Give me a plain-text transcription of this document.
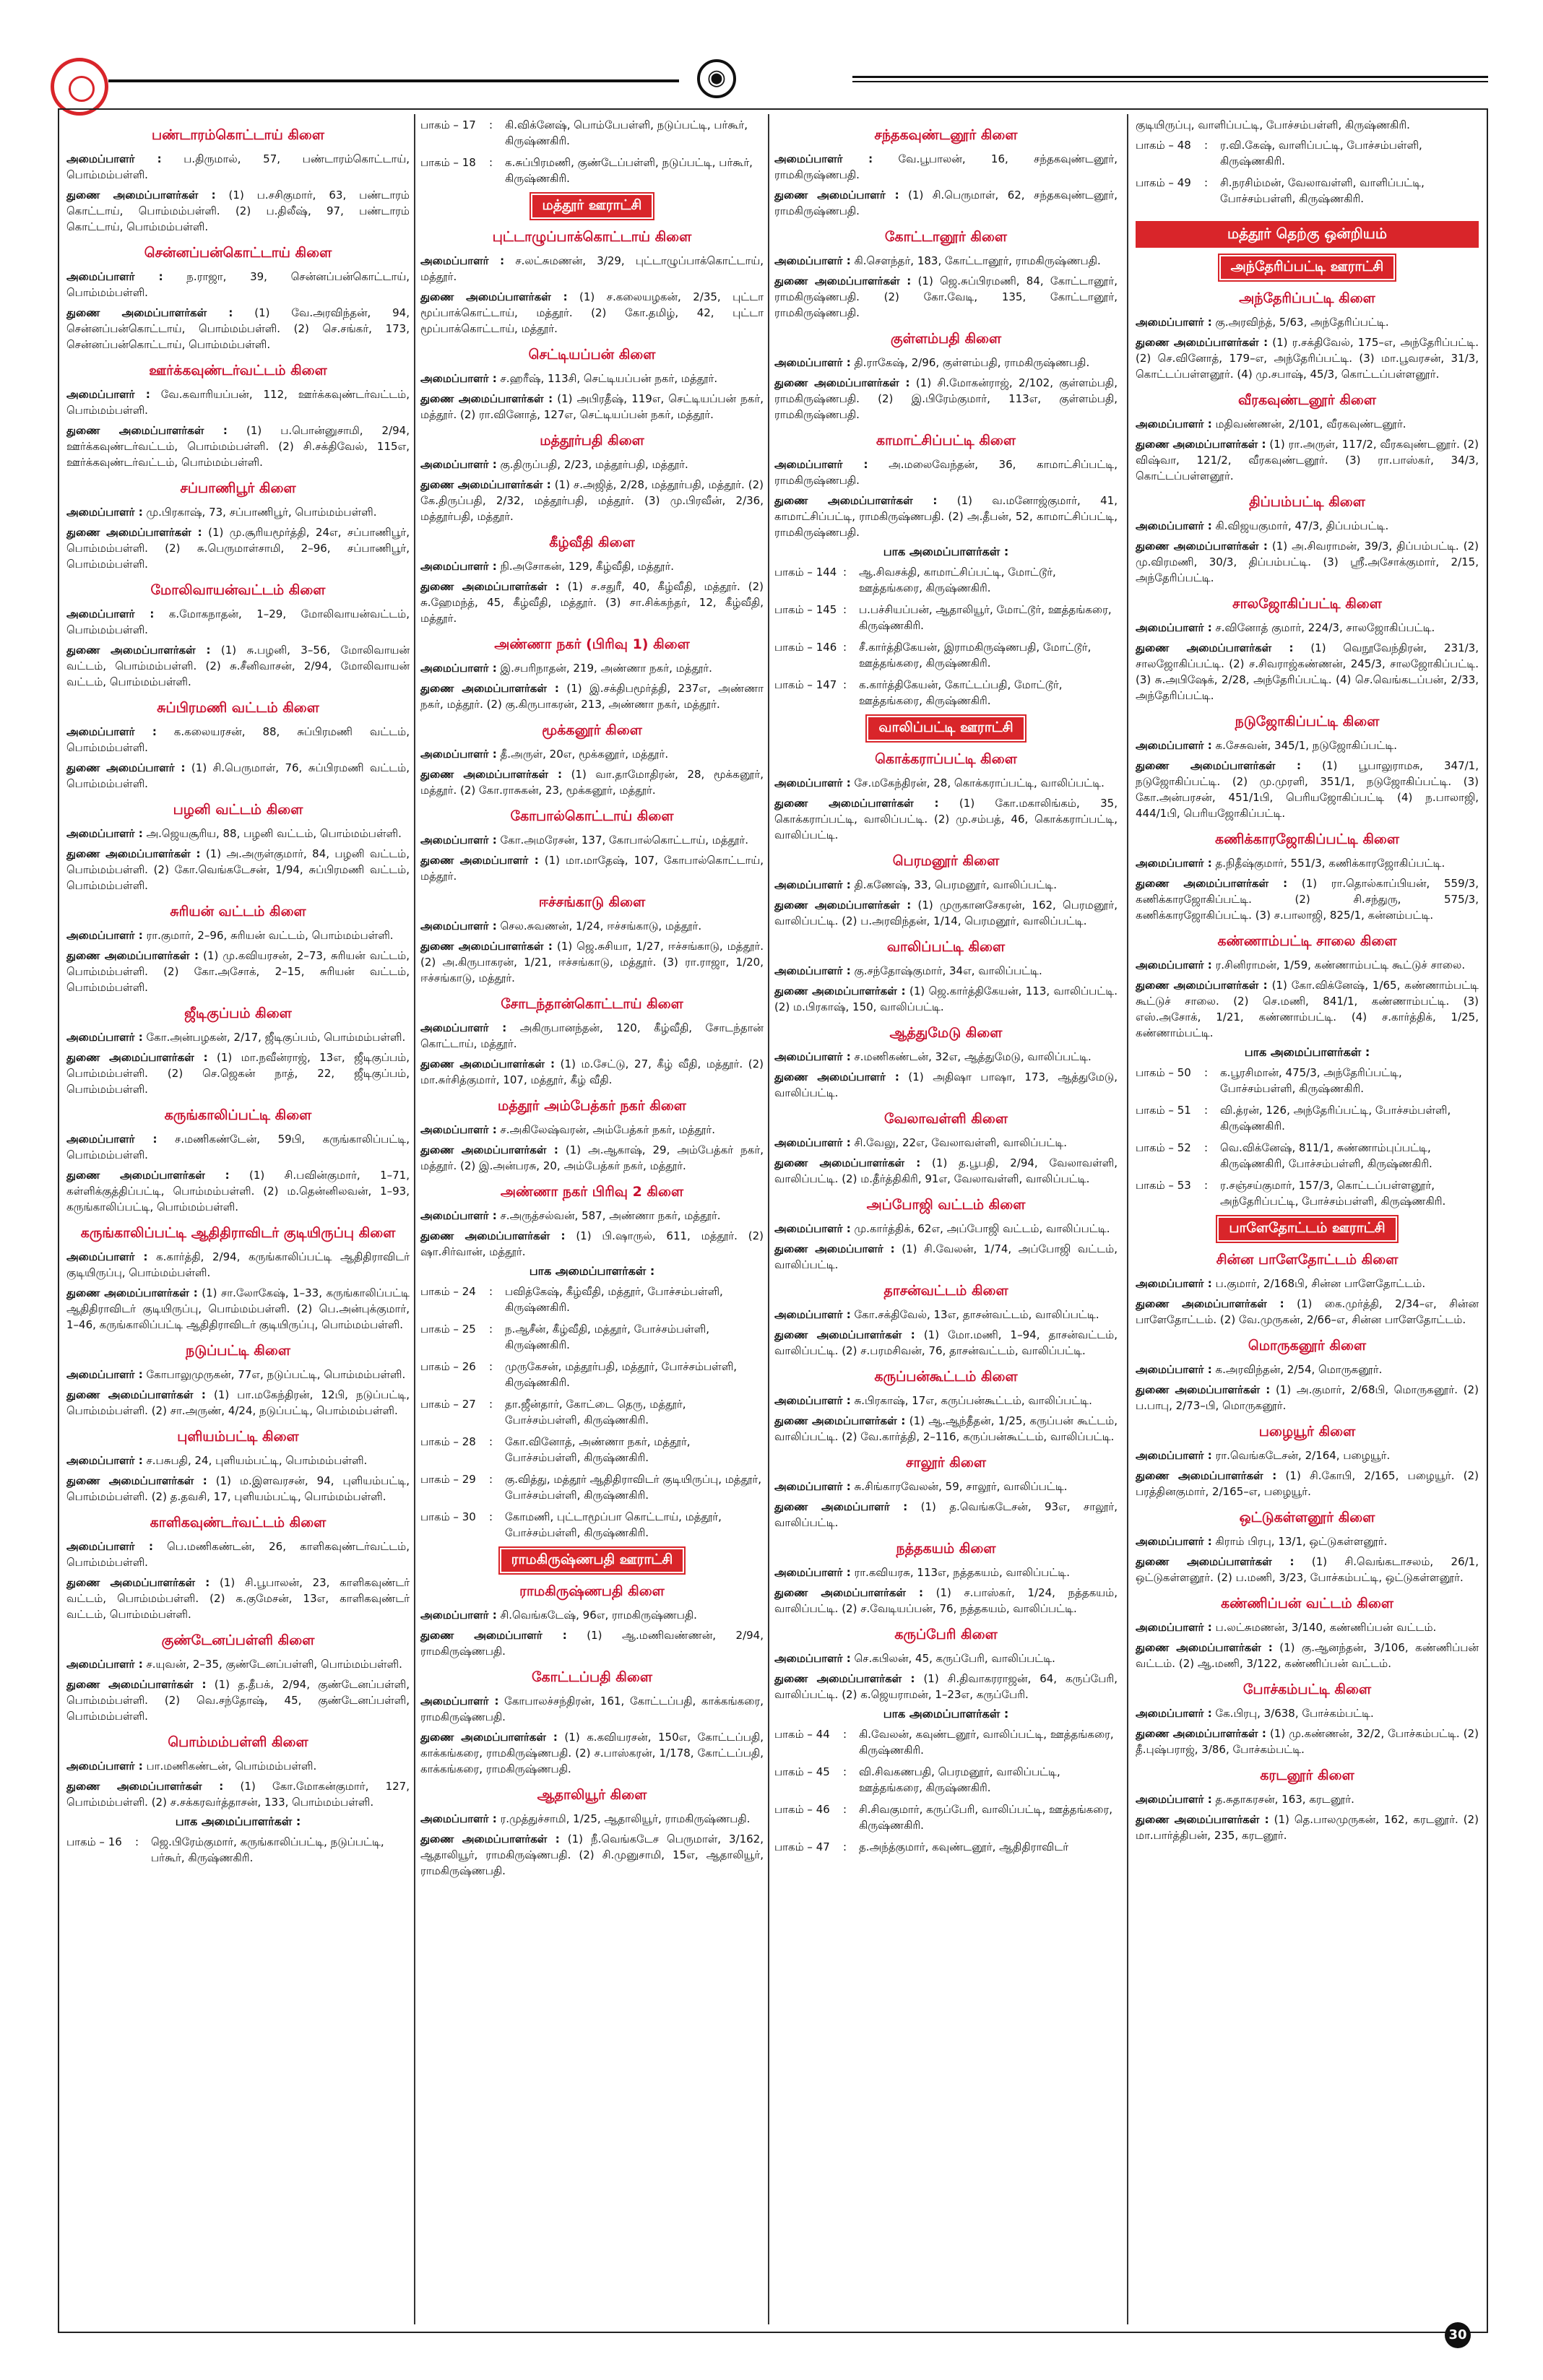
◉
பண்டாரம்கொட்டாய் கிளை

அமைப்பாளர் : ப.திருமால், 57, பண்டாரம்கொட்டாய், பொம்மம்பள்ளி.

துணை அமைப்பாளர்கள் : (1) ப.சசிகுமார், 63, பண்டாரம் கொட்டாய், பொம்மம்பள்ளி. (2) ப.திலீஷ், 97, பண்டாரம் கொட்டாய், பொம்மம்பள்ளி.

சென்னப்பன்கொட்டாய் கிளை

அமைப்பாளர் : ந.ராஜா, 39, சென்னப்பன்கொட்டாய், பொம்மம்பள்ளி.

துணை அமைப்பாளர்கள் : (1) வே.அரவிந்தன், 94, சென்னப்பன்கொட்டாய், பொம்மம்பள்ளி. (2) செ.சங்கர், 173, சென்னப்பன்கொட்டாய், பொம்மம்பள்ளி.

ஊர்க்கவுண்டர்வட்டம் கிளை

அமைப்பாளர் : வே.கவாரியப்பன், 112, ஊர்க்கவுண்டர்வட்டம், பொம்மம்பள்ளி.

துணை அமைப்பாளர்கள் : (1) ப.பொன்னுசாமி, 2/94, ஊர்க்கவுண்டர்வட்டம், பொம்மம்பள்ளி. (2) சி.சக்திவேல், 115எ, ஊர்க்கவுண்டர்வட்டம், பொம்மம்பள்ளி.

சப்பாணிபூர் கிளை

அமைப்பாளர் : மு.பிரகாஷ், 73, சப்பாணிபூர், பொம்மம்பள்ளி.

துணை அமைப்பாளர்கள் : (1) மு.சூரியமூர்த்தி, 24எ, சப்பாணிபூர், பொம்மம்பள்ளி. (2) சு.பெருமாள்சாமி, 2–96, சப்பாணிபூர், பொம்மம்பள்ளி.

மோலிவாயன்வட்டம் கிளை

அமைப்பாளர் : க.மோகநாதன், 1–29, மோலிவாயன்வட்டம், பொம்மம்பள்ளி.

துணை அமைப்பாளர்கள் : (1) சு.பழனி, 3–56, மோலிவாயன் வட்டம், பொம்மம்பள்ளி. (2) சு.சீனிவாசன், 2/94, மோலிவாயன் வட்டம், பொம்மம்பள்ளி.

சுப்பிரமணி வட்டம் கிளை

அமைப்பாளர் : க.கலையரசன், 88, சுப்பிரமணி வட்டம், பொம்மம்பள்ளி.

துணை அமைப்பாளர் : (1) சி.பெருமாள், 76, சுப்பிரமணி வட்டம், பொம்மம்பள்ளி.

பழனி வட்டம் கிளை

அமைப்பாளர் : அ.ஜெயசூரிய, 88, பழனி வட்டம், பொம்மம்பள்ளி.

துணை அமைப்பாளர்கள் : (1) அ.அருள்குமார், 84, பழனி வட்டம், பொம்மம்பள்ளி. (2) கோ.வெங்கடேசன், 1/94, சுப்பிரமணி வட்டம், பொம்மம்பள்ளி.

சுரியன் வட்டம் கிளை

அமைப்பாளர் : ரா.குமார், 2–96, சுரியன் வட்டம், பொம்மம்பள்ளி.

துணை அமைப்பாளர்கள் : (1) மு.கவியரசன், 2–73, சுரியன் வட்டம், பொம்மம்பள்ளி. (2) கோ.அசோக், 2–15, சுரியன் வட்டம், பொம்மம்பள்ளி.

ஜீடிகுப்பம் கிளை

அமைப்பாளர் : கோ.அன்பழகன், 2/17, ஜீடிகுப்பம், பொம்மம்பள்ளி.

துணை அமைப்பாளர்கள் : (1) மா.நவீன்ராஜ், 13எ, ஜீடிகுப்பம், பொம்மம்பள்ளி. (2) செ.ஜெகன் நாத், 22, ஜீடிகுப்பம், பொம்மம்பள்ளி.

கருங்காலிப்பட்டி கிளை

அமைப்பாளர் : ச.மணிகண்டேன், 59பி, கருங்காலிப்பட்டி, பொம்மம்பள்ளி.

துணை அமைப்பாளர்கள் : (1) சி.பவின்குமார், 1–71, கள்ளிக்குத்திப்பட்டி, பொம்மம்பள்ளி. (2) ம.தென்னிலவன், 1–93, கருங்காலிப்பட்டி, பொம்மம்பள்ளி.

கருங்காலிப்பட்டி ஆதிதிராவிடர் குடியிருப்பு கிளை

அமைப்பாளர் : க.கார்த்தி, 2/94, கருங்காலிப்பட்டி ஆதிதிராவிடர் குடியிருப்பு, பொம்மம்பள்ளி.

துணை அமைப்பாளர்கள் : (1) சா.லோகேஷ், 1–33, கருங்காலிப்பட்டி ஆதிதிராவிடர் குடியிருப்பு, பொம்மம்பள்ளி. (2) பெ.அன்புக்குமார், 1–46, கருங்காலிப்பட்டி ஆதிதிராவிடர் குடியிருப்பு, பொம்மம்பள்ளி.

நடுப்பட்டி கிளை

அமைப்பாளர் : கோபாலுமுருகன், 77எ, நடுப்பட்டி, பொம்மம்பள்ளி.

துணை அமைப்பாளர்கள் : (1) பா.மகேந்திரன், 12பி, நடுப்பட்டி, பொம்மம்பள்ளி. (2) சா.அருண், 4/24, நடுப்பட்டி, பொம்மம்பள்ளி.

புளியம்பட்டி கிளை

அமைப்பாளர் : ச.பசுபதி, 24, புளியம்பட்டி, பொம்மம்பள்ளி.

துணை அமைப்பாளர்கள் : (1) ம.இளவரசன், 94, புளியம்பட்டி, பொம்மம்பள்ளி. (2) த.தவசி, 17, புளியம்பட்டி, பொம்மம்பள்ளி.

காளிகவுண்டர்வட்டம் கிளை

அமைப்பாளர் : பெ.மணிகண்டன், 26, காளிகவுண்டர்வட்டம், பொம்மம்பள்ளி.

துணை அமைப்பாளர்கள் : (1) சி.பூபாலன், 23, காளிகவுண்டர் வட்டம், பொம்மம்பள்ளி. (2) க.குமேசன், 13எ, காளிகவுண்டர் வட்டம், பொம்மம்பள்ளி.

குண்டேனப்பள்ளி கிளை

அமைப்பாளர் : ச.யுவன், 2–35, குண்டேனப்பள்ளி, பொம்மம்பள்ளி.

துணை அமைப்பாளர்கள் : (1) த.தீபக், 2/94, குண்டேனப்பள்ளி, பொம்மம்பள்ளி. (2) வெ.சந்தோஷ், 45, குண்டேனப்பள்ளி, பொம்மம்பள்ளி.

பொம்மம்பள்ளி கிளை

அமைப்பாளர் : பா.மணிகண்டன், பொம்மம்பள்ளி.

துணை அமைப்பாளர்கள் : (1) கோ.மோகன்குமார், 127, பொம்மம்பள்ளி. (2) ச.சக்கரவர்த்தாசன், 133, பொம்மம்பள்ளி.

பாக அமைப்பாளர்கள் :
பாகம் – 16	:	ஜெ.பிரேம்குமார், கருங்காலிப்பட்டி, நடுப்பட்டி, பர்கூர், கிருஷ்ணகிரி.
பாகம் – 17	:	கி.விக்னேஷ், பொம்பேபள்ளி, நடுப்பட்டி, பர்கூர், கிருஷ்ணகிரி.
பாகம் – 18	:	க.சுப்பிரமணி, குண்டேப்பள்ளி, நடுப்பட்டி, பர்கூர், கிருஷ்ணகிரி.
மத்தூர் ஊராட்சி
புட்டாழுப்பாக்கொட்டாய் கிளை

அமைப்பாளர் : ச.லட்சுமணன், 3/29, புட்டாழுப்பாக்கொட்டாய், மத்தூர்.

துணை அமைப்பாளர்கள் : (1) ச.கலையழகன், 2/35, புட்டா மூப்பாக்கொட்டாய், மத்தூர். (2) கோ.தமிழ், 42, புட்டா மூப்பாக்கொட்டாய், மத்தூர்.

செட்டியப்பன் கிளை

அமைப்பாளர் : ச.ஹரீஷ், 113சி, செட்டியப்பன் நகர், மத்தூர்.

துணை அமைப்பாளர்கள் : (1) அபிரதீஷ், 119எ, செட்டியப்பன் நகர், மத்தூர். (2) ரா.வினோத், 127எ, செட்டியப்பன் நகர், மத்தூர்.

மத்தூர்பதி கிளை

அமைப்பாளர் : கு.திருப்பதி, 2/23, மத்தூர்பதி, மத்தூர்.

துணை அமைப்பாளர்கள் : (1) ச.அஜித், 2/28, மத்தூர்பதி, மத்தூர். (2) கே.திருப்பதி, 2/32, மத்தூர்பதி, மத்தூர். (3) மு.பிரவீன், 2/36, மத்தூர்பதி, மத்தூர்.

கீழ்வீதி கிளை

அமைப்பாளர் : நி.அசோகன், 129, கீழ்வீதி, மத்தூர்.

துணை அமைப்பாளர்கள் : (1) ச.சதுரீ, 40, கீழ்வீதி, மத்தூர். (2) சு.ஹேமந்த், 45, கீழ்வீதி, மத்தூர். (3) சா.சிக்கந்தர், 12, கீழ்வீதி, மத்தூர்.

அண்ணா நகர் (பிரிவு 1) கிளை

அமைப்பாளர் : இ.சபரிநாதன், 219, அண்ணா நகர், மத்தூர்.

துணை அமைப்பாளர்கள் : (1) இ.சக்திபமூர்த்தி, 237எ, அண்ணா நகர், மத்தூர். (2) கு.கிருபாகரன், 213, அண்ணா நகர், மத்தூர்.

மூக்கனூர் கிளை

அமைப்பாளர் : தீ.அருள், 20எ, மூக்கனூர், மத்தூர்.

துணை அமைப்பாளர்கள் : (1) வா.தாமோதிரன், 28, மூக்கனூர், மத்தூர். (2) கோ.ராசுகன், 23, மூக்கனூர், மத்தூர்.

கோபால்கொட்டாய் கிளை

அமைப்பாளர் : கோ.அமரேசன், 137, கோபால்கொட்டாய், மத்தூர்.

துணை அமைப்பாளர் : (1) மா.மாதேஷ், 107, கோபால்கொட்டாய், மத்தூர்.

ஈச்சங்காடு கிளை

அமைப்பாளர் : செல.சுவணன், 1/24, ஈச்சங்காடு, மத்தூர்.

துணை அமைப்பாளர்கள் : (1) ஜெ.சுசியா, 1/27, ஈச்சங்காடு, மத்தூர். (2) அ.கிருபாகரன், 1/21, ஈச்சங்காடு, மத்தூர். (3) ரா.ராஜா, 1/20, ஈச்சங்காடு, மத்தூர்.

சோடந்தான்கொட்டாய் கிளை

அமைப்பாளர் : அகிருபானந்தன், 120, கீழ்வீதி, சோடந்தான் கொட்டாய், மத்தூர்.

துணை அமைப்பாளர்கள் : (1) ம.சேட்டு, 27, கீழ் வீதி, மத்தூர். (2) மா.சுர்சித்குமார், 107, மத்தூர், கீழ் வீதி.

மத்தூர் அம்பேத்கர் நகர் கிளை

அமைப்பாளர் : ச.அகிலேஷ்வரன், அம்பேத்கர் நகர், மத்தூர்.

துணை அமைப்பாளர்கள் : (1) அ.ஆகாஷ், 29, அம்பேத்கர் நகர், மத்தூர். (2) இ.அன்பரசு, 20, அம்பேத்கர் நகர், மத்தூர்.

அண்ணா நகர் பிரிவு 2 கிளை

அமைப்பாளர் : ச.அருத்சல்வன், 587, அண்ணா நகர், மத்தூர்.

துணை அமைப்பாளர்கள் : (1) பி.ஷாருல், 611, மத்தூர். (2) ஷா.சிர்வான், மத்தூர்.

பாக அமைப்பாளர்கள் :
பாகம் – 24	:	பவித்கேஷ், கீழ்வீதி, மத்தூர், போச்சம்பள்ளி, கிருஷ்ணகிரி.
பாகம் – 25	:	ந.ஆசீன், கீழ்வீதி, மத்தூர், போச்சம்பள்ளி, கிருஷ்ணகிரி.
பாகம் – 26	:	முருகேசன், மத்தூர்பதி, மத்தூர், போச்சம்பள்ளி, கிருஷ்ணகிரி.
பாகம் – 27	:	தா.ஜீன்தார், கோட்டை தெரு, மத்தூர், போச்சம்பள்ளி, கிருஷ்ணகிரி.
பாகம் – 28	:	கோ.வினோத், அண்ணா நகர், மத்தூர், போச்சம்பள்ளி, கிருஷ்ணகிரி.
பாகம் – 29	:	கு.வித்து, மத்தூர் ஆதிதிராவிடர் குடியிருப்பு, மத்தூர், போச்சம்பள்ளி, கிருஷ்ணகிரி.
பாகம் – 30	:	கோமணி, புட்டாமூப்பா கொட்டாய், மத்தூர், போச்சம்பள்ளி, கிருஷ்ணகிரி.
ராமகிருஷ்ணபதி ஊராட்சி
ராமகிருஷ்ணபதி கிளை

அமைப்பாளர் : சி.வெங்கடேஷ், 96எ, ராமகிருஷ்ணபதி.

துணை அமைப்பாளர் : (1) ஆ.மணிவண்ணன், 2/94, ராமகிருஷ்ணபதி.

கோட்டப்பதி கிளை

அமைப்பாளர் : கோபாலச்சந்திரன், 161, கோட்டப்பதி, காக்கங்கரை, ராமகிருஷ்ணபதி.

துணை அமைப்பாளர்கள் : (1) க.கவியரசன், 150எ, கோட்டப்பதி, காக்கங்கரை, ராமகிருஷ்ணபதி. (2) ச.பாஸ்கரன், 1/178, கோட்டப்பதி, காக்கங்கரை, ராமகிருஷ்ணபதி.

ஆதாலியூர் கிளை

அமைப்பாளர் : ர.முத்துச்சாமி, 1/25, ஆதாலியூர், ராமகிருஷ்ணபதி.

துணை அமைப்பாளர்கள் : (1) நீ.வெங்கடேச பெருமாள், 3/162, ஆதாலியூர், ராமகிருஷ்ணபதி. (2) சி.முனுசாமி, 15எ, ஆதாலியூர், ராமகிருஷ்ணபதி.

சந்தகவுண்டனூர் கிளை

அமைப்பாளர் : வே.பூபாலன், 16, சந்தகவுண்டனூர், ராமகிருஷ்ணபதி.

துணை அமைப்பாளர் : (1) சி.பெருமாள், 62, சந்தகவுண்டனூர், ராமகிருஷ்ணபதி.

கோட்டானூர் கிளை

அமைப்பாளர் : கி.செளந்தர், 183, கோட்டானூர், ராமகிருஷ்ணபதி.

துணை அமைப்பாளர்கள் : (1) ஜெ.சுப்பிரமணி, 84, கோட்டானூர், ராமகிருஷ்ணபதி. (2) கோ.வேடி, 135, கோட்டானூர், ராமகிருஷ்ணபதி.

குள்ளம்பதி கிளை

அமைப்பாளர் : தி.ராகேஷ், 2/96, குள்ளம்பதி, ராமகிருஷ்ணபதி.

துணை அமைப்பாளர்கள் : (1) சி.மோகன்ராஜ், 2/102, குள்ளம்பதி, ராமகிருஷ்ணபதி. (2) இ.பிரேம்குமார், 113எ, குள்ளம்பதி, ராமகிருஷ்ணபதி.

காமாட்சிப்பட்டி கிளை

அமைப்பாளர் : அ.மலைவேந்தன், 36, காமாட்சிப்பட்டி, ராமகிருஷ்ணபதி.

துணை அமைப்பாளர்கள் : (1) வ.மனோஜ்குமார், 41, காமாட்சிப்பட்டி, ராமகிருஷ்ணபதி. (2) அ.தீபன், 52, காமாட்சிப்பட்டி, ராமகிருஷ்ணபதி.

பாக அமைப்பாளர்கள் :
பாகம் – 144 :	ஆ.சிவசக்தி, காமாட்சிப்பட்டி, மோட்டூர், ஊத்தங்கரை, கிருஷ்ணகிரி.
பாகம் – 145 :	ப.பச்சியப்பன், ஆதாலியூர், மோட்டூர், ஊத்தங்கரை, கிருஷ்ணகிரி.
பாகம் – 146 :	சீ.கார்த்திகேயன், இராமகிருஷ்ணபதி, மோட்டூர், ஊத்தங்கரை, கிருஷ்ணகிரி.
பாகம் – 147 :	க.கார்த்திகேயன், கோட்டப்பதி, மோட்டூர், ஊத்தங்கரை, கிருஷ்ணகிரி.
வாலிப்பட்டி ஊராட்சி
கொக்கராப்பட்டி கிளை

அமைப்பாளர் : சே.மகேந்திரன், 28, கொக்கராப்பட்டி, வாலிப்பட்டி.

துணை அமைப்பாளர்கள் : (1) கோ.மகாலிங்கம், 35, கொக்கராப்பட்டி, வாலிப்பட்டி. (2) மு.சம்பத், 46, கொக்கராப்பட்டி, வாலிப்பட்டி.

பெரமனூர் கிளை

அமைப்பாளர் : தி.கணேஷ், 33, பெரமனூர், வாலிப்பட்டி.

துணை அமைப்பாளர்கள் : (1) முருகானசேகரன், 162, பெரமனூர், வாலிப்பட்டி. (2) ப.அரவிந்தன், 1/14, பெரமனூர், வாலிப்பட்டி.

வாலிப்பட்டி கிளை

அமைப்பாளர் : கு.சந்தோஷ்குமார், 34எ, வாலிப்பட்டி.

துணை அமைப்பாளர்கள் : (1) ஜெ.கார்த்திகேயன், 113, வாலிப்பட்டி. (2) ம.பிரகாஷ், 150, வாலிப்பட்டி.

ஆத்துமேடு கிளை

அமைப்பாளர் : ச.மணிகண்டன், 32எ, ஆத்துமேடு, வாலிப்பட்டி.

துணை அமைப்பாளர் : (1) அதிஷா பாஷா, 173, ஆத்துமேடு, வாலிப்பட்டி.

வேலாவள்ளி கிளை

அமைப்பாளர் : சி.வேலு, 22எ, வேலாவள்ளி, வாலிப்பட்டி.

துணை அமைப்பாளர்கள் : (1) த.பூபதி, 2/94, வேலாவள்ளி, வாலிப்பட்டி. (2) ம.தீர்த்திகிரி, 91எ, வேலாவள்ளி, வாலிப்பட்டி.

அப்போஜி வட்டம் கிளை

அமைப்பாளர் : மு.கார்த்திக், 62எ, அப்போஜி வட்டம், வாலிப்பட்டி.

துணை அமைப்பாளர் : (1) சி.வேலன், 1/74, அப்போஜி வட்டம், வாலிப்பட்டி.

தாசன்வட்டம் கிளை

அமைப்பாளர் : கோ.சக்திவேல், 13எ, தாசன்வட்டம், வாலிப்பட்டி.

துணை அமைப்பாளர்கள் : (1) மோ.மணி, 1–94, தாசன்வட்டம், வாலிப்பட்டி. (2) ச.பரமசிவன், 76, தாசன்வட்டம், வாலிப்பட்டி.

கருப்பன்கூட்டம் கிளை

அமைப்பாளர் : சு.பிரகாஷ், 17எ, கருப்பன்கூட்டம், வாலிப்பட்டி.

துணை அமைப்பாளர்கள் : (1) ஆ.ஆந்தீதன், 1/25, கருப்பன் கூட்டம், வாலிப்பட்டி. (2) வே.கார்த்தி, 2–116, கருப்பன்கூட்டம், வாலிப்பட்டி.

சாலூர் கிளை

அமைப்பாளர் : சு.சிங்காரவேலன், 59, சாலூர், வாலிப்பட்டி.

துணை அமைப்பாளர் : (1) த.வெங்கடேசன், 93எ, சாலூர், வாலிப்பட்டி.

நத்தகயம் கிளை

அமைப்பாளர் : ரா.கவியரசு, 113எ, நத்தகயம், வாலிப்பட்டி.

துணை அமைப்பாளர்கள் : (1) ச.பாஸ்கர், 1/24, நத்தகயம், வாலிப்பட்டி. (2) ச.வேடியப்பன், 76, நத்தகயம், வாலிப்பட்டி.

கருப்பேரி கிளை

அமைப்பாளர் : செ.கபிலன், 45, கருப்பேரி, வாலிப்பட்டி.

துணை அமைப்பாளர்கள் : (1) சி.திவாகரராஜன், 64, கருப்பேரி, வாலிப்பட்டி. (2) க.ஜெயராமன், 1–23எ, கருப்பேரி.

பாக அமைப்பாளர்கள் :
பாகம் – 44	:	கி.வேலன், கவுண்டனூர், வாலிப்பட்டி, ஊத்தங்கரை, கிருஷ்ணகிரி.
பாகம் – 45	:	வி.சிவகணபதி, பெரமனூர், வாலிப்பட்டி, ஊத்தங்கரை, கிருஷ்ணகிரி.
பாகம் – 46	:	சி.சிவகுமார், கருப்பேரி, வாலிப்பட்டி, ஊத்தங்கரை, கிருஷ்ணகிரி.
பாகம் – 47	:	த.அந்த்குமார், கவுண்டனூர், ஆதிதிராவிடர்

குடியிருப்பு, வாளிப்பட்டி, போச்சம்பள்ளி, கிருஷ்ணகிரி.

பாகம் – 48	:	ர.வி.கேஷ், வாளிப்பட்டி, போச்சம்பள்ளி, கிருஷ்ணகிரி.
பாகம் – 49	:	சி.நரசிம்மன், வேலாவள்ளி, வாளிப்பட்டி, போச்சம்பள்ளி, கிருஷ்ணகிரி.
மத்தூர் தெற்கு ஒன்றியம்
அந்தேரிப்பட்டி ஊராட்சி
அந்தேரிப்பட்டி கிளை

அமைப்பாளர் : கு.அரவிந்த், 5/63, அந்தேரிப்பட்டி.

துணை அமைப்பாளர்கள் : (1) ர.சக்திவேல், 175–எ, அந்தேரிப்பட்டி. (2) செ.வினோத், 179–எ, அந்தேரிப்பட்டி. (3) மா.பூவரசன், 31/3, கொட்டப்பள்ளனூர். (4) மு.சபாஷ், 45/3, கொட்டப்பள்ளனூர்.

வீரகவுண்டனூர் கிளை

அமைப்பாளர் : மதிவண்ணன், 2/101, வீரகவுண்டனூர்.

துணை அமைப்பாளர்கள் : (1) ரா.அருள், 117/2, வீரகவுண்டனூர். (2) விஷ்வா, 121/2, வீரகவுண்டனூர். (3) ரா.பாஸ்கர், 34/3, கொட்டப்பள்ளனூர்.

திப்பம்பட்டி கிளை

அமைப்பாளர் : கி.விஜயகுமார், 47/3, திப்பம்பட்டி.

துணை அமைப்பாளர்கள் : (1) அ.சிவராமன், 39/3, திப்பம்பட்டி. (2) மு.விரமணி, 30/3, திப்பம்பட்டி. (3) ஸ்ரீ.அசோக்குமார், 2/15, அந்தேரிப்பட்டி.

சாலஜோகிப்பட்டி கிளை

அமைப்பாளர் : ச.வினோத் குமார், 224/3, சாலஜோகிப்பட்டி.

துணை அமைப்பாளர்கள் : (1) வெநூவேந்திரன், 231/3, சாலஜோகிப்பட்டி. (2) ச.சிவராஜ்கண்ணன், 245/3, சாலஜோகிப்பட்டி. (3) சு.அபிஷேக், 2/28, அந்தேரிப்பட்டி. (4) செ.வெங்கடப்பன், 2/33, அந்தேரிப்பட்டி.

நடுஜோகிப்பட்டி கிளை

அமைப்பாளர் : க.சேசுவன், 345/1, நடுஜோகிப்பட்டி.

துணை அமைப்பாளர்கள் : (1) பூபாலுராமசு, 347/1, நடுஜோகிப்பட்டி. (2) மு.முரளி, 351/1, நடுஜோகிப்பட்டி. (3) கோ.அன்பரசன், 451/1பி, பெரியஜோகிப்பட்டி (4) ந.பாலாஜி, 444/1பி, பெரியஜோகிப்பட்டி.

கணிக்காரஜோகிப்பட்டி கிளை

அமைப்பாளர் : த.நிதீஷ்குமார், 551/3, கணிக்காரஜோகிப்பட்டி.

துணை அமைப்பாளர்கள் : (1) ரா.தொல்காப்பியன், 559/3, கணிக்காரஜோகிப்பட்டி. (2) சி.சந்துரு, 575/3, கணிக்காரஜோகிப்பட்டி. (3) ச.பாலாஜி, 825/1, கன்னம்பட்டி.

கண்ணாம்பட்டி சாலை கிளை

அமைப்பாளர் : ர.சினிராமன், 1/59, கண்ணாம்பட்டி கூட்டுச் சாலை.

துணை அமைப்பாளர்கள் : (1) கோ.விக்னேஷ், 1/65, கண்ணாம்பட்டி கூட்டுச் சாலை. (2) செ.மணி, 841/1, கண்ணாம்பட்டி. (3) எஸ்.அசோக், 1/21, கண்ணாம்பட்டி. (4) ச.கார்த்திக், 1/25, கண்ணாம்பட்டி.

பாக அமைப்பாளர்கள் :
பாகம் – 50	:	க.பூரசிமான், 475/3, அந்தேரிப்பட்டி, போச்சம்பள்ளி, கிருஷ்ணகிரி.
பாகம் – 51	:	வி.த்ரன், 126, அந்தேரிப்பட்டி, போச்சம்பள்ளி, கிருஷ்ணகிரி.
பாகம் – 52	:	வெ.விக்னேஷ், 811/1, சுண்ணாம்புப்பட்டி, கிருஷ்ணகிரி, போச்சம்பள்ளி, கிருஷ்ணகிரி.
பாகம் – 53	:	ர.சஞ்சய்குமார், 157/3, கொட்டப்பள்ளனூர், அந்தேரிப்பட்டி, போச்சம்பள்ளி, கிருஷ்ணகிரி.
பாளேதோட்டம் ஊராட்சி
சின்ன பாளேதோட்டம் கிளை

அமைப்பாளர் : ப.குமார், 2/168பி, சின்ன பாளேதோட்டம்.

துணை அமைப்பாளர்கள் : (1) கை.முர்த்தி, 2/34–எ, சின்ன பாளேதோட்டம். (2) வே.முருகன், 2/66–எ, சின்ன பாளேதோட்டம்.

மொருகனூர் கிளை

அமைப்பாளர் : க.அரவிந்தன், 2/54, மொருகனூர்.

துணை அமைப்பாளர்கள் : (1) அ.குமார், 2/68பி, மொருகனூர். (2) ப.பாபு, 2/73–பி, மொருகனூர்.

பழையூர் கிளை

அமைப்பாளர் : ரா.வெங்கடேசன், 2/164, பழையூர்.

துணை அமைப்பாளர்கள் : (1) சி.கோபி, 2/165, பழையூர். (2) பரத்தினகுமார், 2/165–எ, பழையூர்.

ஒட்டுகள்ளனூர் கிளை

அமைப்பாளர் : கிராம் பிரபு, 13/1, ஒட்டுகள்ளனூர்.

துணை அமைப்பாளர்கள் : (1) சி.வெங்கடாசலம், 26/1, ஒட்டுகள்ளனூர். (2) ப.மணி, 3/23, போச்கம்பட்டி, ஒட்டுகள்ளனூர்.

கண்ணிப்பன் வட்டம் கிளை

அமைப்பாளர் : ப.லட்சுமணன், 3/140, கண்ணிப்பன் வட்டம்.

துணை அமைப்பாளர்கள் : (1) கு.ஆனந்தன், 3/106, கண்ணிப்பன் வட்டம். (2) ஆ.மணி, 3/122, கண்ணிப்பன் வட்டம்.

போச்கம்பட்டி கிளை

அமைப்பாளர் : கே.பிரபு, 3/638, போச்கம்பட்டி.

துணை அமைப்பாளர்கள் : (1) மு.கண்ணன், 32/2, போச்கம்பட்டி. (2) தீ.புஷ்பராஜ், 3/86, போச்கம்பட்டி.

கரடனூர் கிளை

அமைப்பாளர் : த.சுதாகரசன், 163, கரடனூர்.

துணை அமைப்பாளர்கள் : (1) தெ.பாலமுருகன், 162, கரடனூர். (2) மா.பார்த்திபன், 235, கரடனூர்.

30
